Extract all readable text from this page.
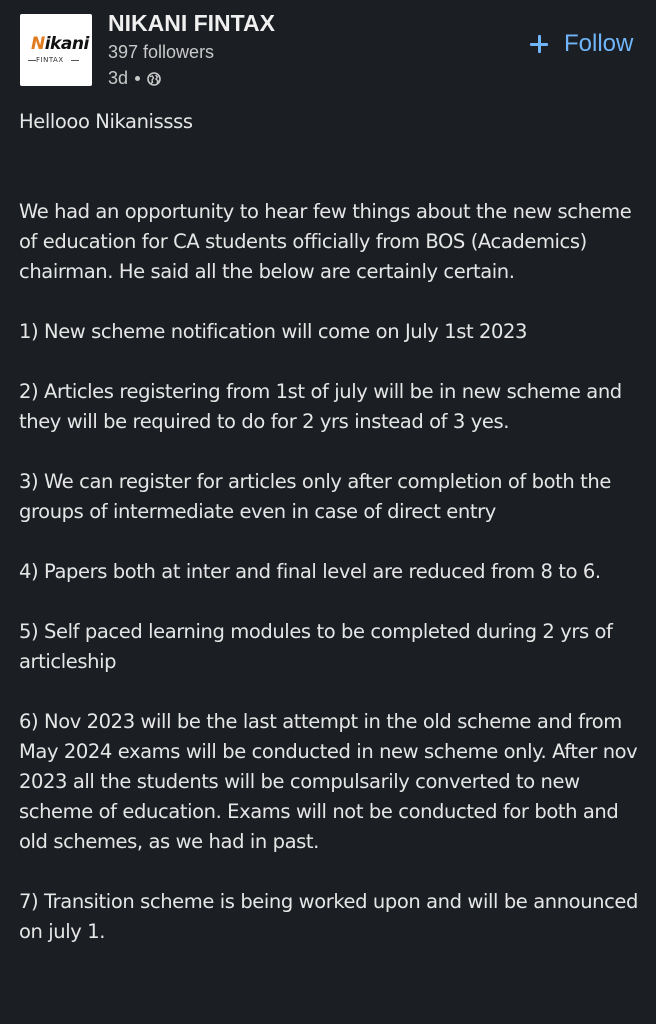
Nikani
FINTAX
NIKANI FINTAX
397 followers
3d
Follow

Hellooo Nikanissss

We had an opportunity to hear few things about the new scheme of education for CA students officially from BOS (Academics) chairman. He said all the below are certainly certain.

1) New scheme notification will come on July 1st 2023

2) Articles registering from 1st of july will be in new scheme and they will be required to do for 2 yrs instead of 3 yes.

3) We can register for articles only after completion of both the groups of intermediate even in case of direct entry

4) Papers both at inter and final level are reduced from 8 to 6.

5) Self paced learning modules to be completed during 2 yrs of articleship

6) Nov 2023 will be the last attempt in the old scheme and from May 2024 exams will be conducted in new scheme only. After nov 2023 all the students will be compulsarily converted to new scheme of education. Exams will not be conducted for both and old schemes, as we had in past.

7) Transition scheme is being worked upon and will be announced on july 1.
